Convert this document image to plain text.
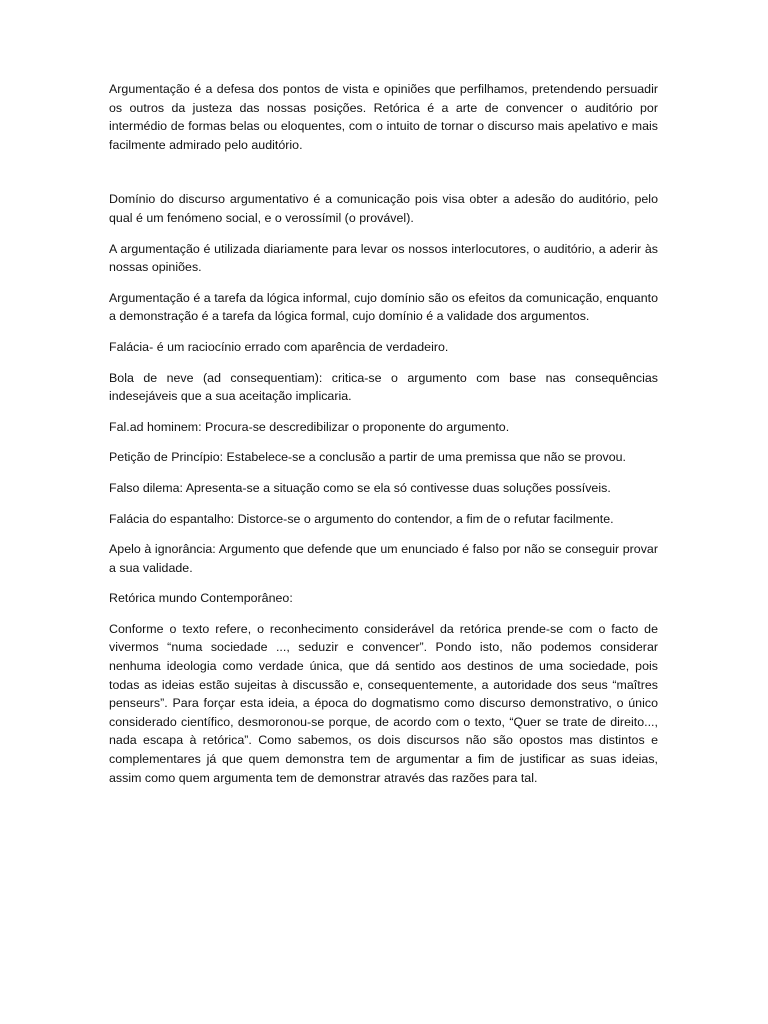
Argumentação é a defesa dos pontos de vista e opiniões que perfilhamos, pretendendo persuadir os outros da justeza das nossas posições. Retórica é a arte de convencer o auditório por intermédio de formas belas ou eloquentes, com o intuito de tornar o discurso mais apelativo e mais facilmente admirado pelo auditório.

Domínio do discurso argumentativo é a comunicação pois visa obter a adesão do auditório, pelo qual é um fenómeno social, e o verossímil (o provável).

A argumentação é utilizada diariamente para levar os nossos interlocutores, o auditório, a aderir às nossas opiniões.

Argumentação é a tarefa da lógica informal, cujo domínio são os efeitos da comunicação, enquanto a demonstração é a tarefa da lógica formal, cujo domínio é a validade dos argumentos.

Falácia- é um raciocínio errado com aparência de verdadeiro.

Bola de neve (ad consequentiam): critica-se o argumento com base nas consequências indesejáveis que a sua aceitação implicaria.

Fal.ad hominem: Procura-se descredibilizar o proponente do argumento.

Petição de Princípio: Estabelece-se a conclusão a partir de uma premissa que não se provou.

Falso dilema: Apresenta-se a situação como se ela só contivesse duas soluções possíveis.

Falácia do espantalho: Distorce-se o argumento do contendor, a fim de o refutar facilmente.

Apelo à ignorância: Argumento que defende que um enunciado é falso por não se conseguir provar a sua validade.

Retórica mundo Contemporâneo:

Conforme o texto refere, o reconhecimento considerável da retórica prende-se com o facto de vivermos “numa sociedade ..., seduzir e convencer”. Pondo isto, não podemos considerar nenhuma ideologia como verdade única, que dá sentido aos destinos de uma sociedade, pois todas as ideias estão sujeitas à discussão e, consequentemente, a autoridade dos seus “maîtres penseurs”. Para forçar esta ideia, a época do dogmatismo como discurso demonstrativo, o único considerado científico, desmoronou-se porque, de acordo com o texto, “Quer se trate de direito..., nada escapa à retórica”. Como sabemos, os dois discursos não são opostos mas distintos e complementares já que quem demonstra tem de argumentar a fim de justificar as suas ideias, assim como quem argumenta tem de demonstrar através das razões para tal.
